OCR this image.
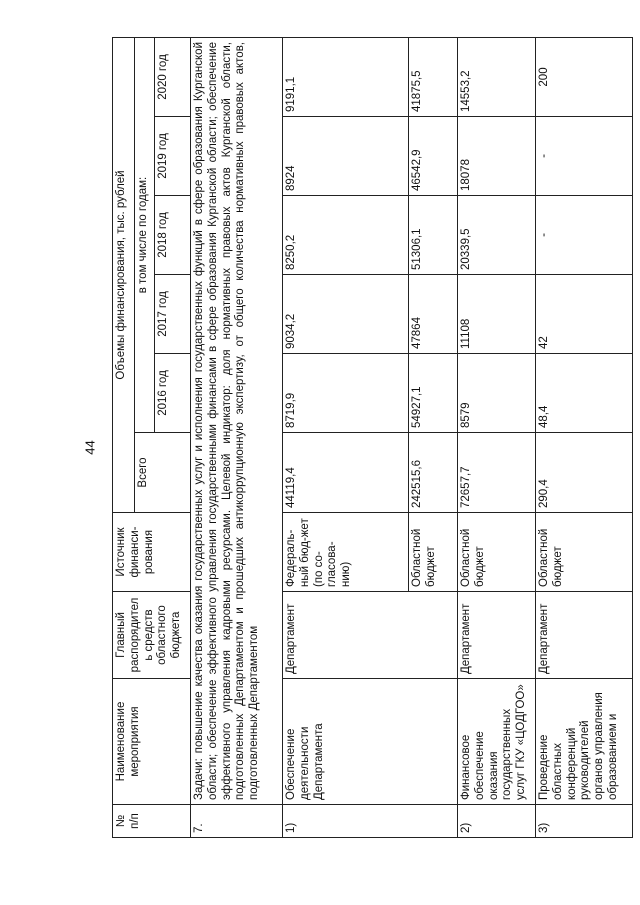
44
№ п/п	Наименование мероприятия	Главный распорядитель средств областного бюджета	Источник финанси-рования	Объемы финансирования, тыс. рублей					
				Всего	в том числе по годам:				
					2016 год	2017 год	2018 год	2019 год	2020 год
7.	Задачи: повышение качества оказания государственных услуг и исполнения государственных функций в сфере образования Курганской области; обеспечение эффективного управления государственными финансами в сфере образования Курганской области; обеспечение эффективного управления кадровыми ресурсами. Целевой индикатор: доля нормативных правовых актов Курганской области, подготовленных Департаментом и прошедших антикоррупционную экспертизу, от общего количества нормативных правовых актов, подготовленных Департаментом								
1)	Обеспечение деятельности Департамента	Департамент	Федераль-ный бюд-жет (по со-гласова-нию)	44119,4	8719,9	9034,2	8250,2	8924	9191,1
			Областной бюджет	242515,6	54927,1	47864	51306,1	46542,9	41875,5
2)	Финансовое обеспечение оказания государственных услуг ГКУ «ЦОДГОО»	Департамент	Областной бюджет	72657,7	8579	11108	20339,5	18078	14553,2
3)	Проведение областных конференций руководителей органов управления образованием и	Департамент	Областной бюджет	290,4	48,4	42	-	-	200
